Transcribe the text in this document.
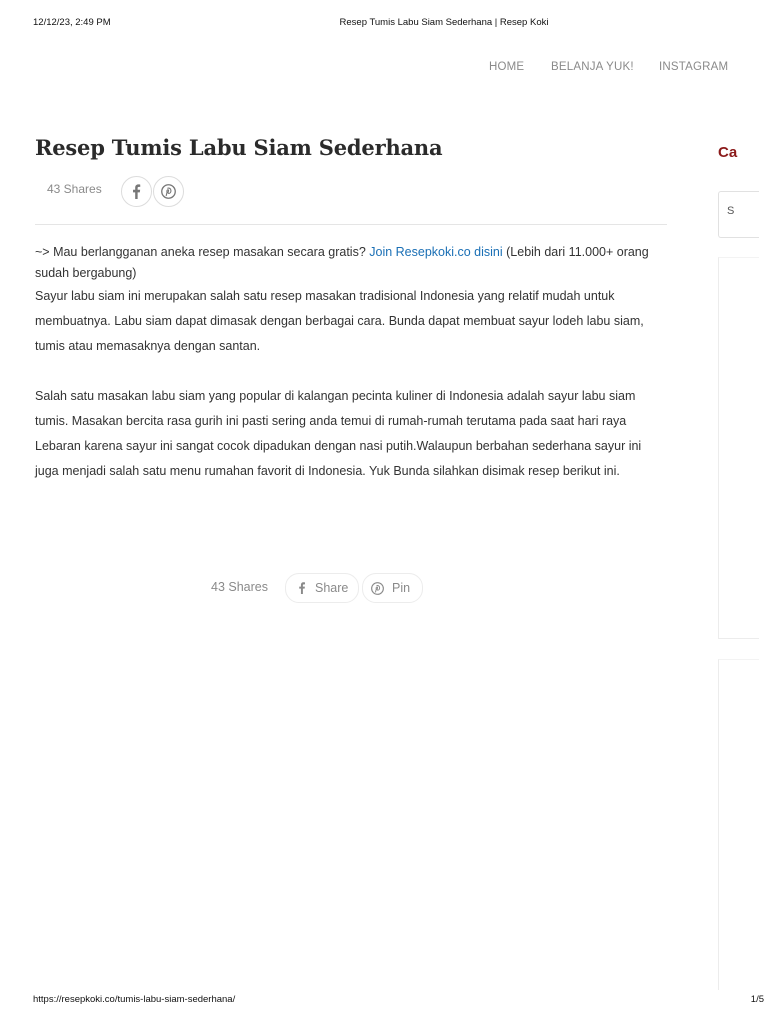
12/12/23, 2:49 PM	Resep Tumis Labu Siam Sederhana | Resep Koki
HOME BELANJA YUK! INSTAGRAM
Resep Tumis Labu Siam Sederhana
43 Shares

~> Mau berlangganan aneka resep masakan secara gratis? Join Resepkoki.co disini (Lebih dari 11.000+ orang sudah bergabung)

Sayur labu siam ini merupakan salah satu resep masakan tradisional Indonesia yang relatif mudah untuk membuatnya. Labu siam dapat dimasak dengan berbagai cara. Bunda dapat membuat sayur lodeh labu siam, tumis atau memasaknya dengan santan.

Salah satu masakan labu siam yang popular di kalangan pecinta kuliner di Indonesia adalah sayur labu siam tumis. Masakan bercita rasa gurih ini pasti sering anda temui di rumah-rumah terutama pada saat hari raya Lebaran karena sayur ini sangat cocok dipadukan dengan nasi putih.Walaupun berbahan sederhana sayur ini juga menjadi salah satu menu rumahan favorit di Indonesia. Yuk Bunda silahkan disimak resep berikut ini.

43 Shares	Share	Pin
Ca
S
https://resepkoki.co/tumis-labu-siam-sederhana/	1/5
